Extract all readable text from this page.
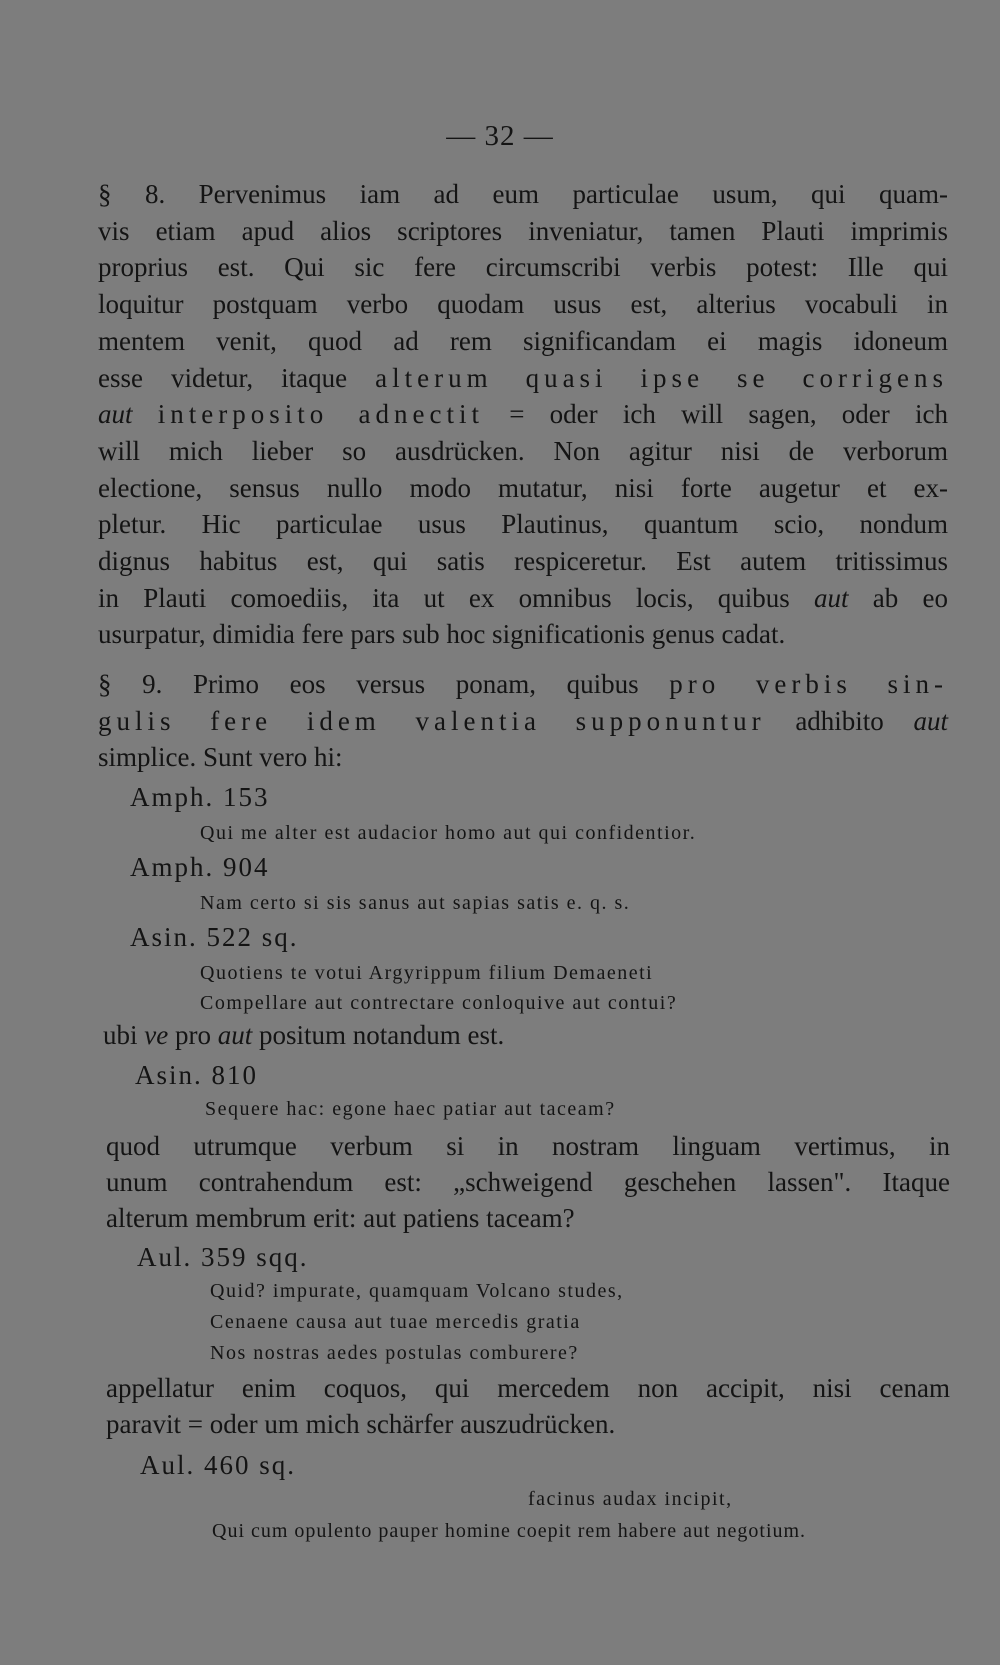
— 32 —
§ 8. Pervenimus iam ad eum particulae usum, qui quam-
vis etiam apud alios scriptores inveniatur, tamen Plauti imprimis
proprius est. Qui sic fere circumscribi verbis potest: Ille qui
loquitur postquam verbo quodam usus est, alterius vocabuli in
mentem venit, quod ad rem significandam ei magis idoneum
esse videtur, itaque alterum quasi ipse se corrigens
aut interposito adnectit = oder ich will sagen, oder ich
will mich lieber so ausdrücken. Non agitur nisi de verborum
electione, sensus nullo modo mutatur, nisi forte augetur et ex-
pletur. Hic particulae usus Plautinus, quantum scio, nondum
dignus habitus est, qui satis respiceretur. Est autem tritissimus
in Plauti comoediis, ita ut ex omnibus locis, quibus aut ab eo
usurpatur, dimidia fere pars sub hoc significationis genus cadat.
§ 9. Primo eos versus ponam, quibus pro verbis sin-
gulis fere idem valentia supponuntur adhibito aut
simplice. Sunt vero hi:
Amph. 153
Qui me alter est audacior homo aut qui confidentior.
Amph. 904
Nam certo si sis sanus aut sapias satis e. q. s.
Asin. 522 sq.
Quotiens te votui Argyrippum filium Demaeneti
Compellare aut contrectare conloquive aut contui?
ubi ve pro aut positum notandum est.
Asin. 810
Sequere hac: egone haec patiar aut taceam?
quod utrumque verbum si in nostram linguam vertimus, in
unum contrahendum est: „schweigend geschehen lassen". Itaque
alterum membrum erit: aut patiens taceam?
Aul. 359 sqq.
Quid? impurate, quamquam Volcano studes,
Cenaene causa aut tuae mercedis gratia
Nos nostras aedes postulas comburere?
appellatur enim coquos, qui mercedem non accipit, nisi cenam
paravit = oder um mich schärfer auszudrücken.
Aul. 460 sq.
facinus audax incipit,
Qui cum opulento pauper homine coepit rem habere aut negotium.
